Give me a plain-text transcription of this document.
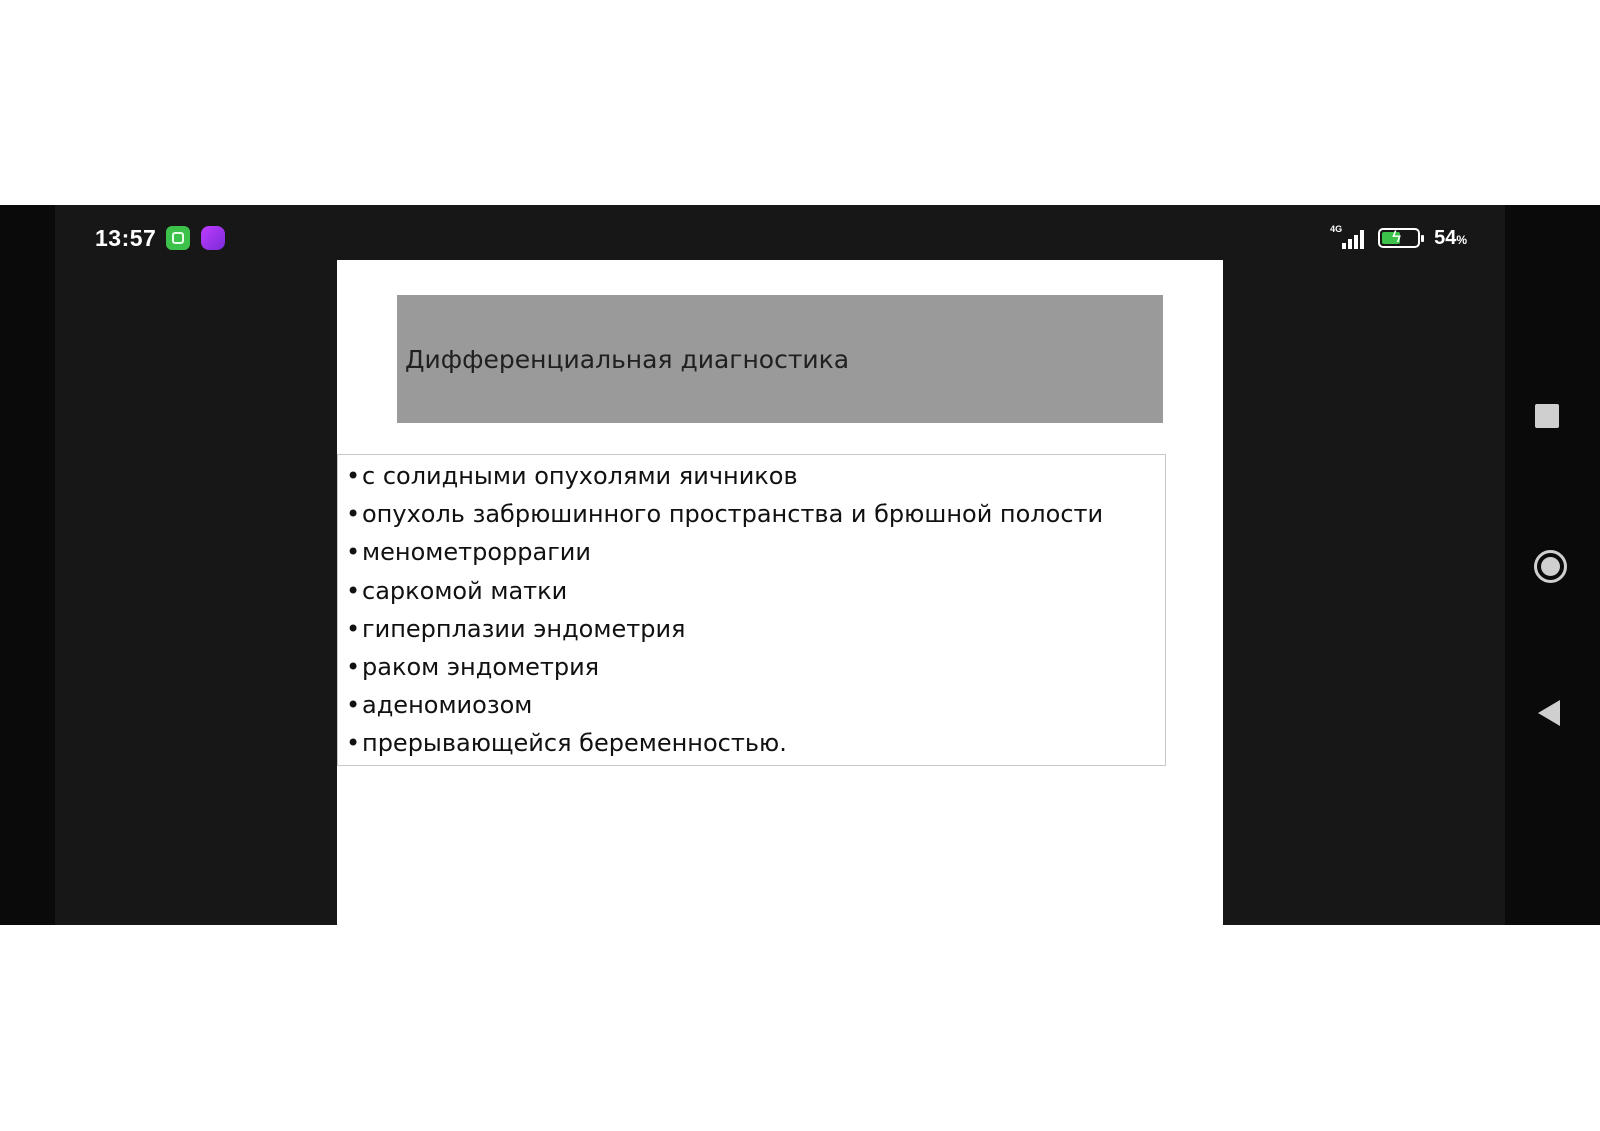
13:57	4G	ϟ 54%
Дифференциальная диагностика
•с солидными опухолями яичников
•опухоль забрюшинного пространства и брюшной полости
•менометроррагии
•саркомой матки
•гиперплазии эндометрия
•раком эндометрия
•аденомиозом
•прерывающейся беременностью.
